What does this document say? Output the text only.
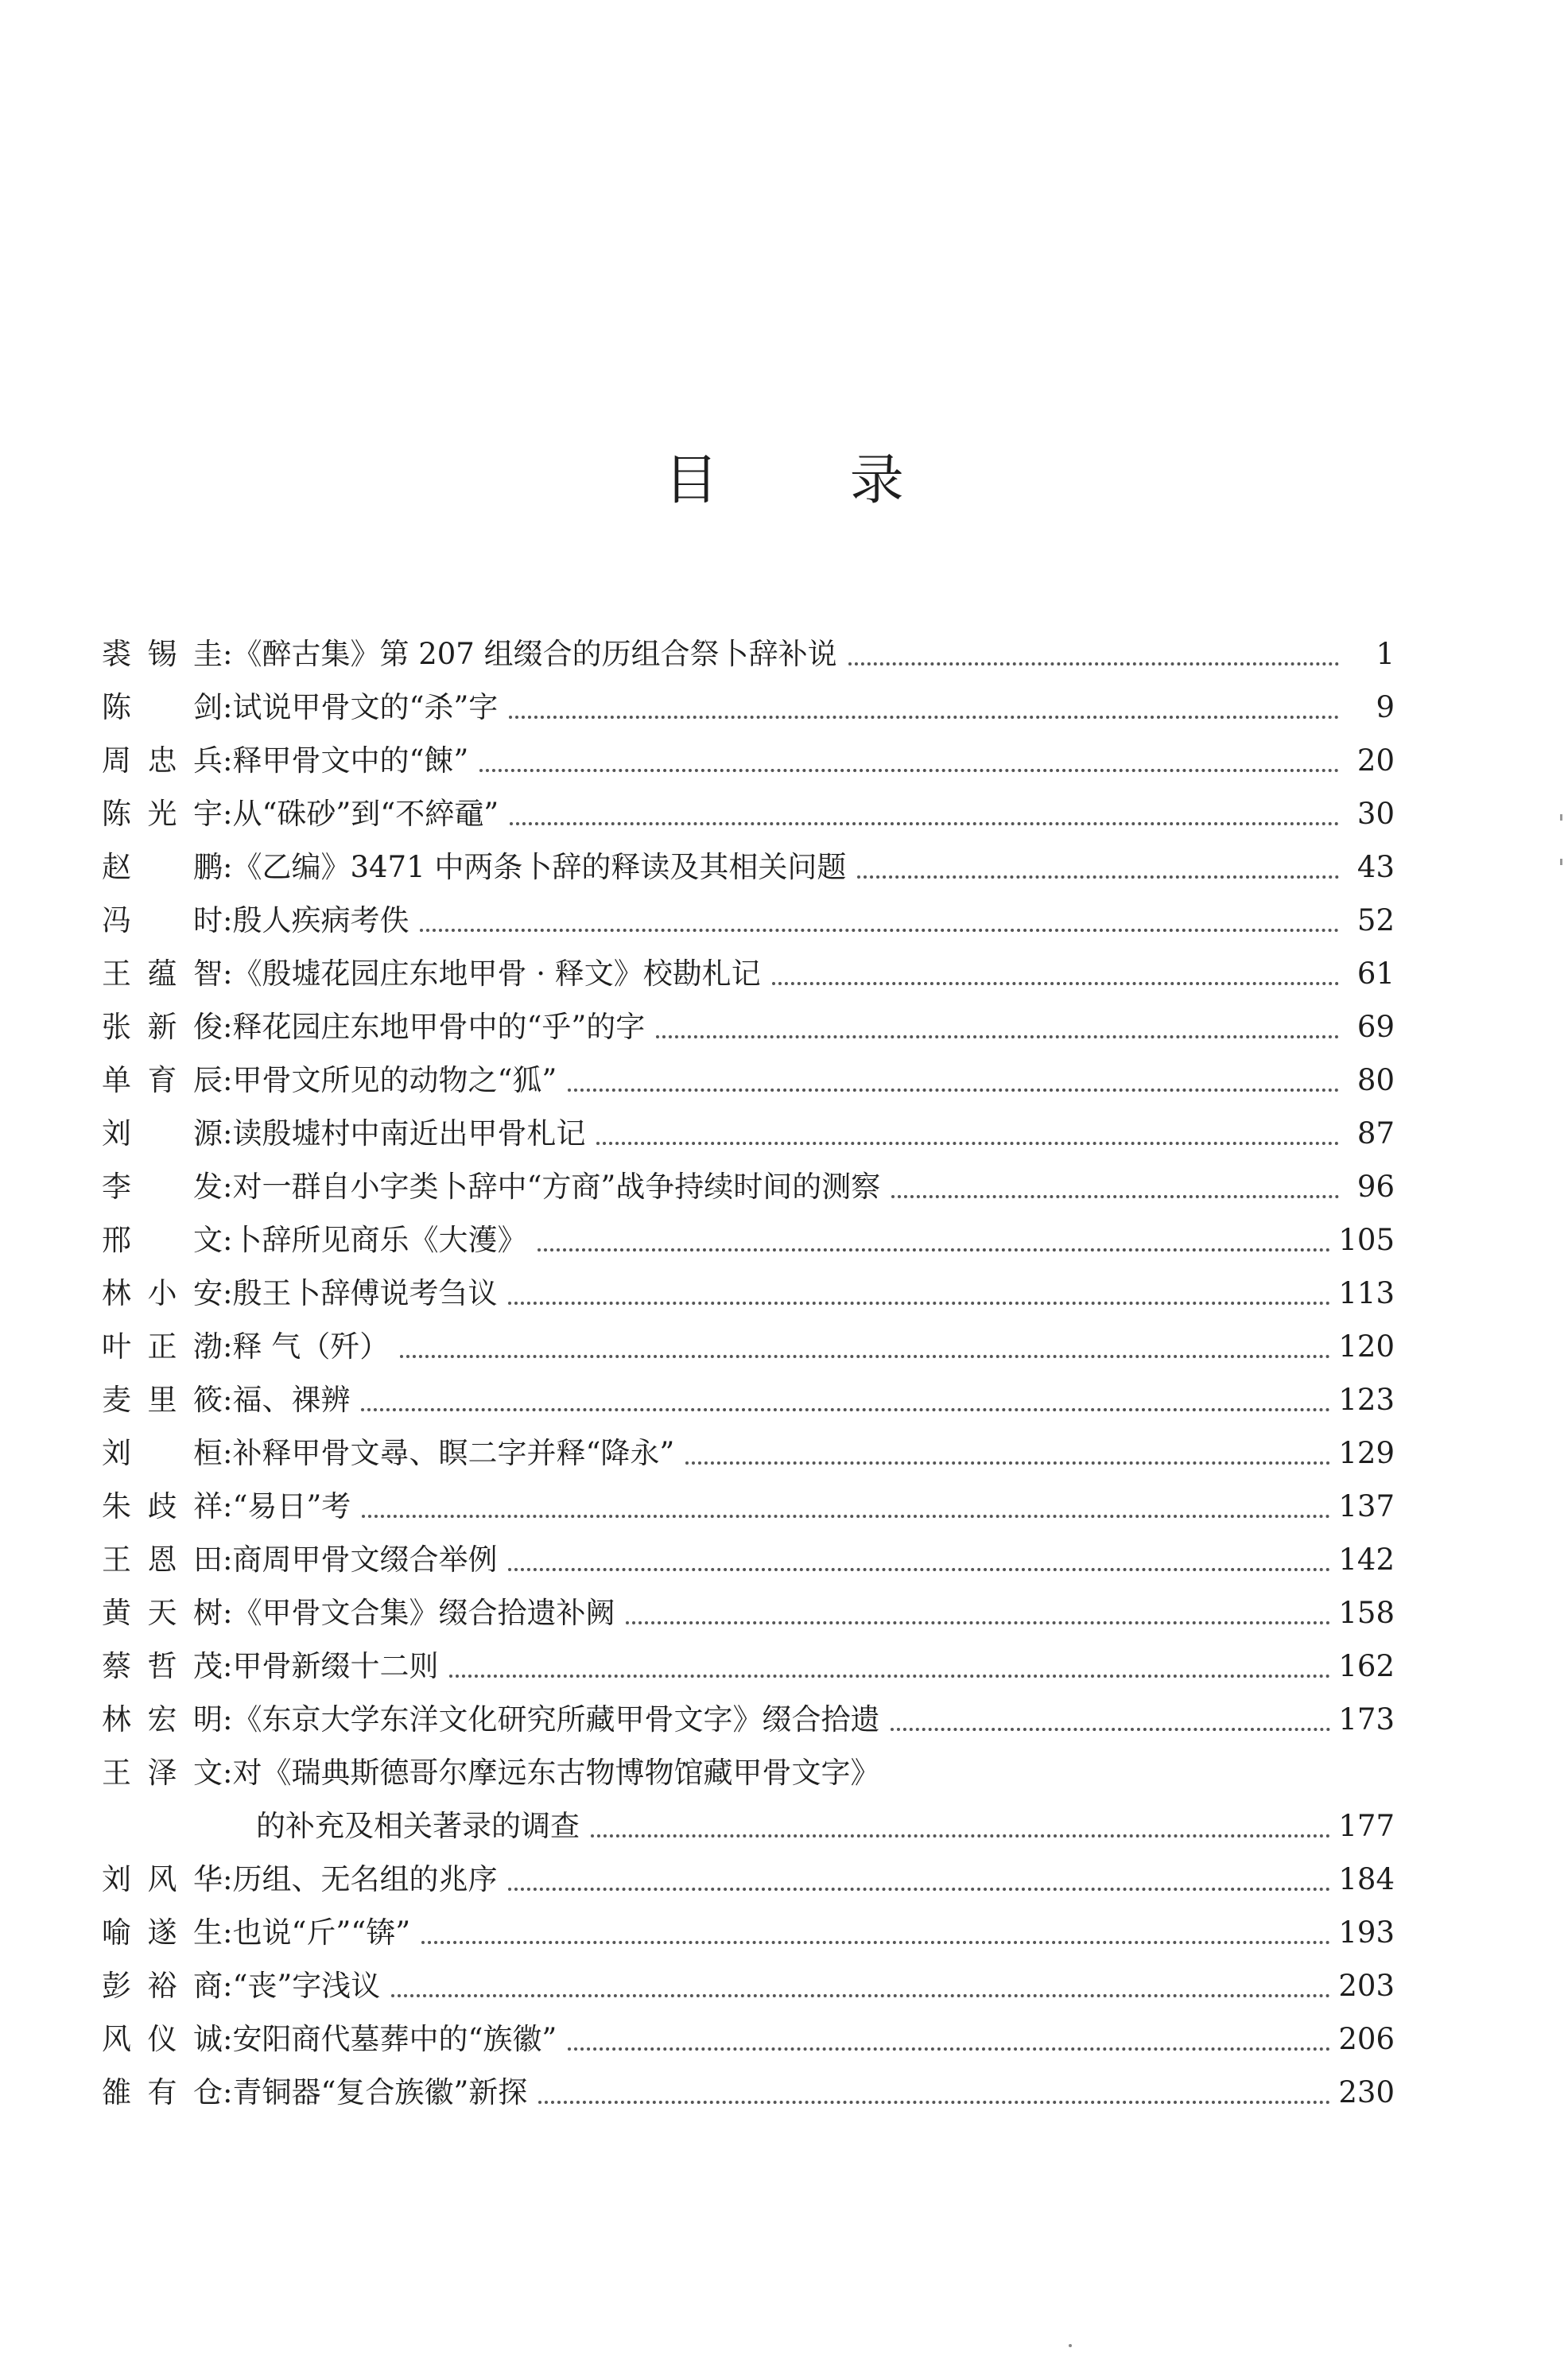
目 录
裘锡圭 : 《醉古集》第 207 组缀合的历组合祭卜辞补说	1
陈　剑 : 试说甲骨文的“杀”字	9
周忠兵 : 释甲骨文中的“餗”	20
陈光宇 : 从“硃砂”到“不綷黿”	30
赵　鹏 : 《乙编》3471 中两条卜辞的释读及其相关问题	43
冯　时 : 殷人疾病考佚	52
王蕴智 : 《殷墟花园庄东地甲骨 · 释文》校勘札记	61
张新俊 : 释花园庄东地甲骨中的“乎”的字	69
单育辰 : 甲骨文所见的动物之“狐”	80
刘　源 : 读殷墟村中南近出甲骨札记	87
李　发 : 对一群自小字类卜辞中“方商”战争持续时间的测察	96
邢　文 : 卜辞所见商乐《大濩》	105
林小安 : 殷王卜辞傅说考刍议	113
叶正渤 : 释 气（歼）	120
麦里筱 : 福、祼辨	123
刘　桓 : 补释甲骨文尋、瞑二字并释“降永”	129
朱歧祥 : “易日”考	137
王恩田 : 商周甲骨文缀合举例	142
黄天树 : 《甲骨文合集》缀合拾遗补阙	158
蔡哲茂 : 甲骨新缀十二则	162
林宏明 : 《东京大学东洋文化研究所藏甲骨文字》缀合拾遗	173
王泽文 : 对《瑞典斯德哥尔摩远东古物博物馆藏甲骨文字》
的补充及相关著录的调查	177
刘风华 : 历组、无名组的兆序	184
喻遂生 : 也说“斤”“锛”	193
彭裕商 : “丧”字浅议	203
风仪诚 : 安阳商代墓葬中的“族徽”	206
雒有仓 : 青铜器“复合族徽”新探	230
